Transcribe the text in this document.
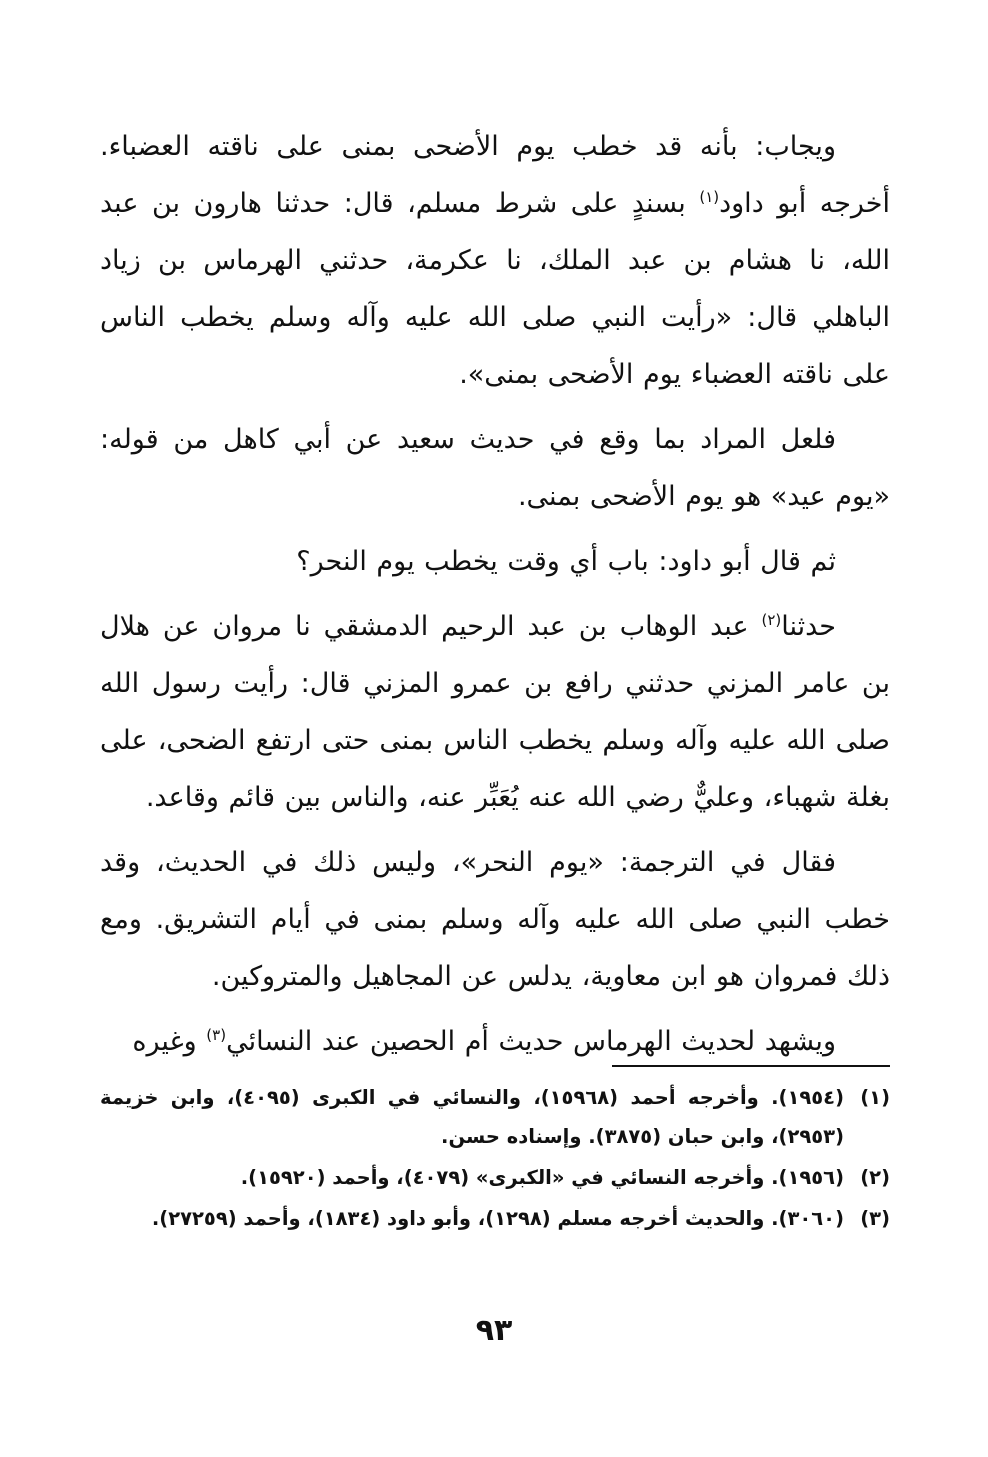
ويجاب: بأنه قد خطب يوم الأضحى بمنى على ناقته العضباء. أخرجه أبو داود$^{(١)}$ بسندٍ على شرط مسلم، قال: حدثنا هارون بن عبد الله، نا هشام بن عبد الملك، نا عكرمة، حدثني الهرماس بن زياد الباهلي قال: «رأيت النبي صلى الله عليه وآله وسلم يخطب الناس على ناقته العضباء يوم الأضحى بمنى».

فلعل المراد بما وقع في حديث سعيد عن أبي كاهل من قوله: «يوم عيد» هو يوم الأضحى بمنى.

ثم قال أبو داود: باب أي وقت يخطب يوم النحر؟

حدثنا$^{(٢)}$ عبد الوهاب بن عبد الرحيم الدمشقي نا مروان عن هلال بن عامر المزني حدثني رافع بن عمرو المزني قال: رأيت رسول الله صلى الله عليه وآله وسلم يخطب الناس بمنى حتى ارتفع الضحى، على بغلة شهباء، وعليٌّ رضي الله عنه يُعَبِّر عنه، والناس بين قائم وقاعد.

فقال في الترجمة: «يوم النحر»، وليس ذلك في الحديث، وقد خطب النبي صلى الله عليه وآله وسلم بمنى في أيام التشريق. ومع ذلك فمروان هو ابن معاوية، يدلس عن المجاهيل والمتروكين.

ويشهد لحديث الهرماس حديث أم الحصين عند النسائي$^{(٣)}$ وغيره

(١)
(١٩٥٤). وأخرجه أحمد (١٥٩٦٨)، والنسائي في الكبرى (٤٠٩٥)، وابن خزيمة (٢٩٥٣)، وابن حبان (٣٨٧٥). وإسناده حسن.

(٢)
(١٩٥٦). وأخرجه النسائي في «الكبرى» (٤٠٧٩)، وأحمد (١٥٩٢٠).

(٣)
(٣٠٦٠). والحديث أخرجه مسلم (١٢٩٨)، وأبو داود (١٨٣٤)، وأحمد (٢٧٢٥٩).

٩٣
